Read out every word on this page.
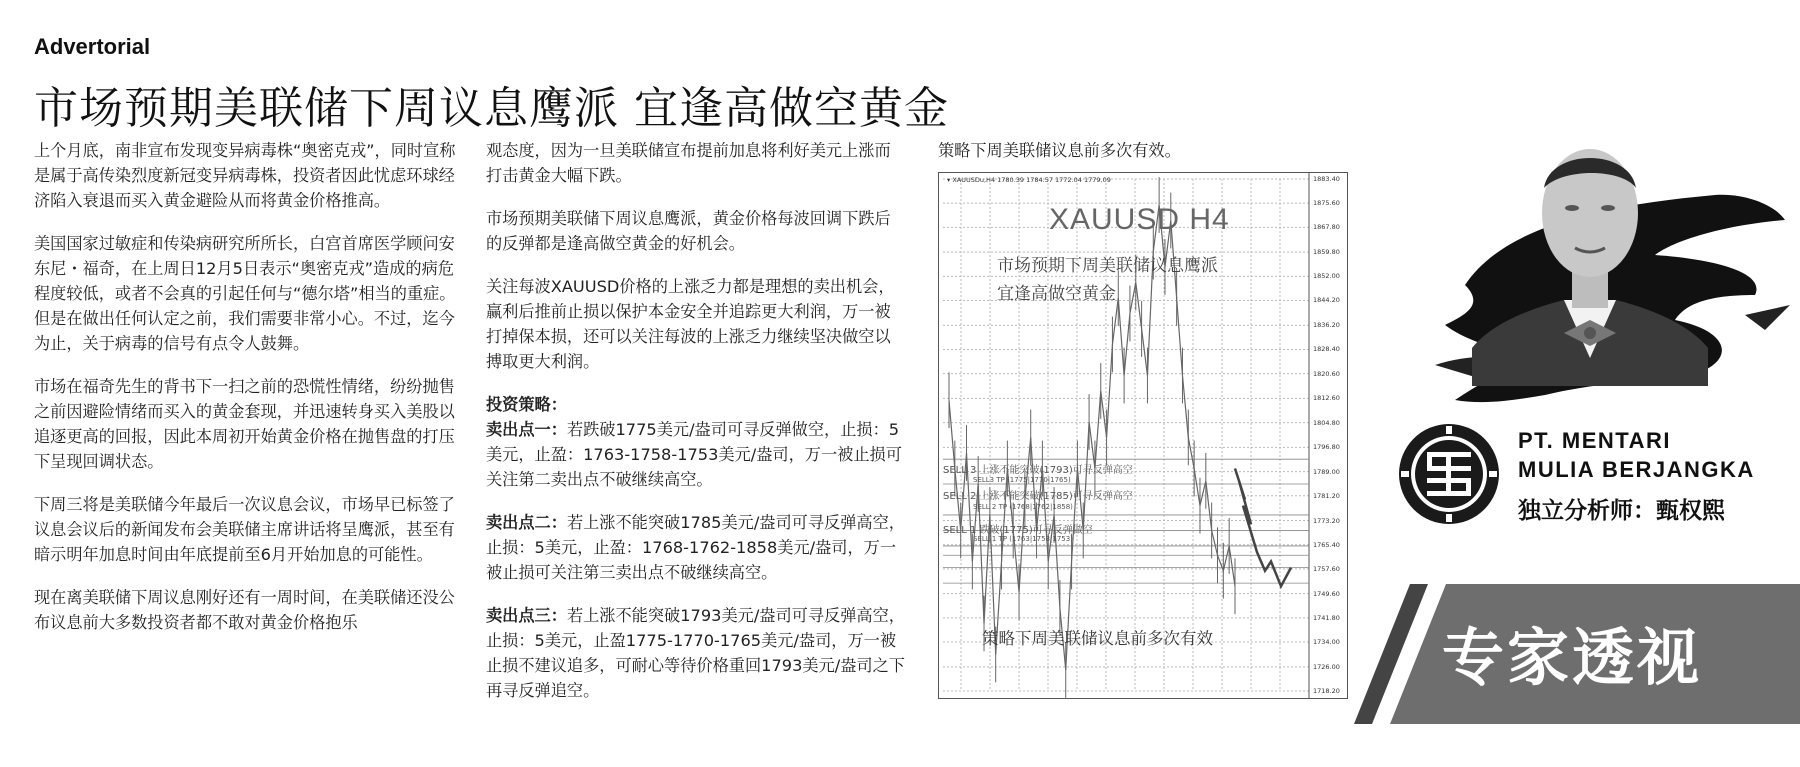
Advertorial
市场预期美联储下周议息鹰派 宜逢高做空黄金

上个月底，南非宣布发现变异病毒株“奥密克戎”，同时宣称是属于高传染烈度新冠变异病毒株，投资者因此忧虑环球经济陷入衰退而买入黄金避险从而将黄金价格推高。

美国国家过敏症和传染病研究所所长，白宫首席医学顾问安东尼・福奇，在上周日12月5日表示“奥密克戎”造成的病危程度较低，或者不会真的引起任何与“德尔塔”相当的重症。但是在做出任何认定之前，我们需要非常小心。不过，迄今为止，关于病毒的信号有点令人鼓舞。

市场在福奇先生的背书下一扫之前的恐慌性情绪，纷纷抛售之前因避险情绪而买入的黄金套现，并迅速转身买入美股以追逐更高的回报，因此本周初开始黄金价格在抛售盘的打压下呈现回调状态。

下周三将是美联储今年最后一次议息会议，市场早已标签了议息会议后的新闻发布会美联储主席讲话将呈鹰派，甚至有暗示明年加息时间由年底提前至6月开始加息的可能性。

现在离美联储下周议息刚好还有一周时间，在美联储还没公布议息前大多数投资者都不敢对黄金价格抱乐

观态度，因为一旦美联储宣布提前加息将利好美元上涨而打击黄金大幅下跌。

市场预期美联储下周议息鹰派，黄金价格每波回调下跌后的反弹都是逢高做空黄金的好机会。

关注每波XAUUSD价格的上涨乏力都是理想的卖出机会，赢利后推前止损以保护本金安全并追踪更大利润，万一被打掉保本损，还可以关注每波的上涨乏力继续坚决做空以搏取更大利润。

投资策略：

卖出点一：若跌破1775美元/盎司可寻反弹做空，止损：5美元，止盈：1763-1758-1753美元/盎司，万一被止损可关注第二卖出点不破继续高空。

卖出点二：若上涨不能突破1785美元/盎司可寻反弹高空，止损：5美元，止盈：1768-1762-1858美元/盎司，万一被止损可关注第三卖出点不破继续高空。

卖出点三：若上涨不能突破1793美元/盎司可寻反弹高空，止损：5美元，止盈1775-1770-1765美元/盎司，万一被止损不建议追多，可耐心等待价格重回1793美元/盎司之下再寻反弹追空。

策略下周美联储议息前多次有效。

▾ XAUUSDu,H4 1780.39 1784.57 1772.04 1779.09
XAUUSD H4
市场预期下周美联储议息鹰派
宜逢高做空黄金
SELL 3 上涨不能突破(1793)可寻反弹高空
SELL3 TP (1775|1770|1765)
SELL 2 上涨不能突破(1785)可寻反弹高空
SELL 2 TP (1768|1762|1858)
SELL 1 跌破(1775)可寻反弹做空
SELL 1 TP (1763|1758|1753)
策略下周美联储议息前多次有效
1883.40
1875.60
1867.80
1859.80
1852.00
1844.20
1836.20
1828.40
1820.60
1812.60
1804.80
1796.80
1789.00
1781.20
1773.20
1765.40
1757.60
1749.60
1741.80
1734.00
1726.00
1718.20
PT. MENTARI
MULIA BERJANGKA
独立分析师：甄权熙
专家透视
